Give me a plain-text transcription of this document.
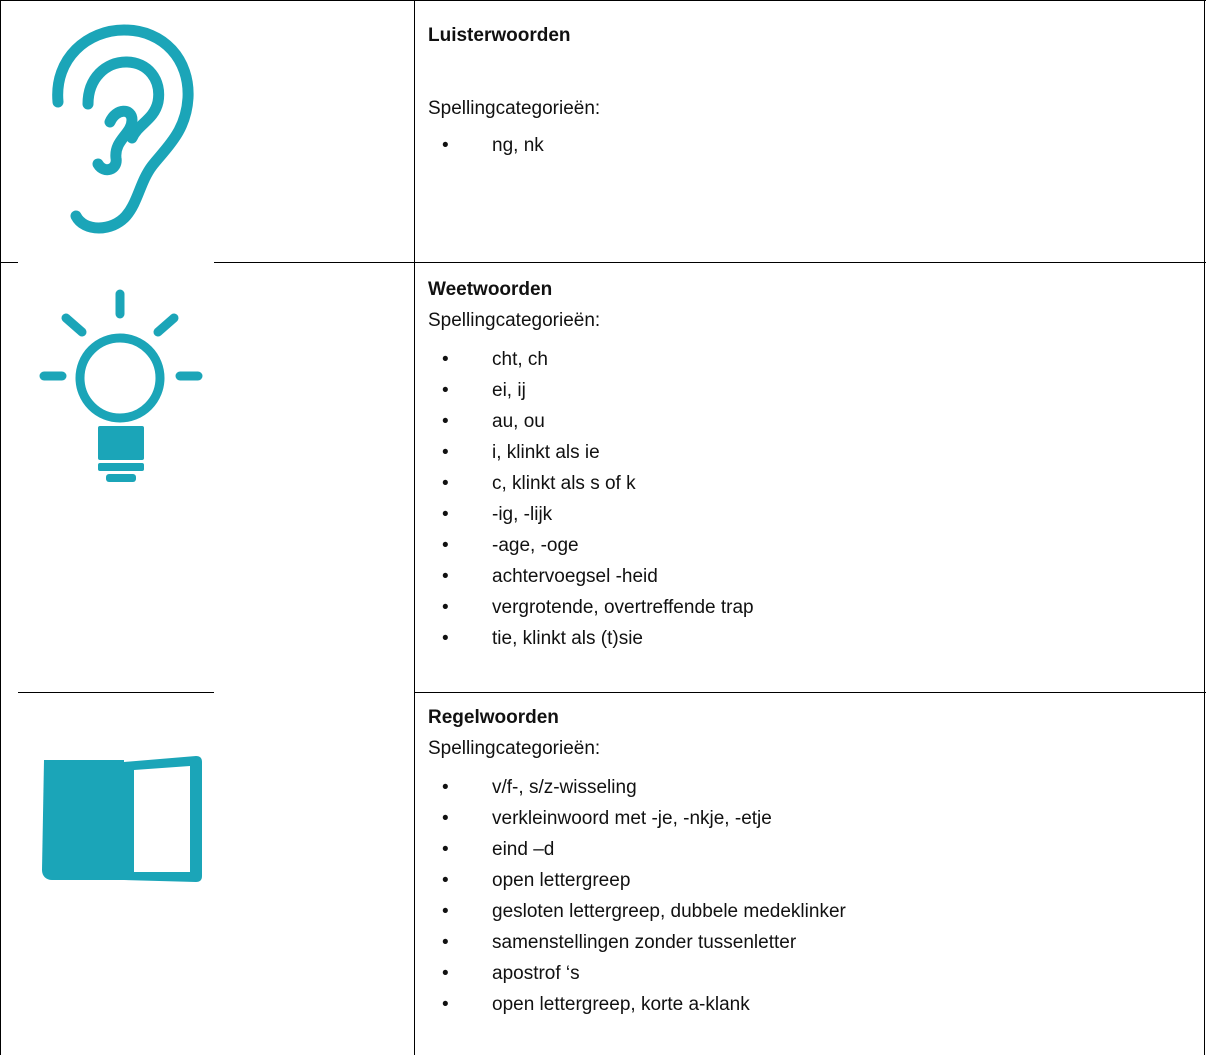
Luisterwoorden
Spellingcategorieën:
• ng, nk
Weetwoorden
Spellingcategorieën:
• cht, ch
• ei, ij
• au, ou
• i, klinkt als ie
• c, klinkt als s of k
• -ig, -lijk
• -age, -oge
• achtervoegsel -heid
• vergrotende, overtreffende trap
• tie, klinkt als (t)sie
Regelwoorden
Spellingcategorieën:
• v/f-, s/z-wisseling
• verkleinwoord met -je, -nkje, -etje
• eind –d
• open lettergreep
• gesloten lettergreep, dubbele medeklinker
• samenstellingen zonder tussenletter
• apostrof ‘s
• open lettergreep, korte a-klank
